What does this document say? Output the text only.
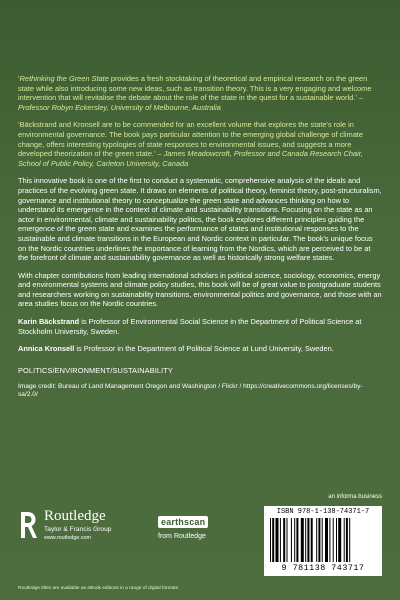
‘Rethinking the Green State provides a fresh stocktaking of theoretical and empirical research on the green state while also introducing some new ideas, such as transition theory. This is a very engaging and welcome intervention that will revitalise the debate about the role of the state in the quest for a sustainable world.’ – Professor Robyn Eckersley, University of Melbourne, Australia

‘Bäckstrand and Kronsell are to be commended for an excellent volume that explores the state's role in environmental governance. The book pays particular attention to the emerging global challenge of climate change, offers interesting typologies of state responses to environmental issues, and suggests a more developed theorization of the green state.’ – James Meadowcroft, Professor and Canada Research Chair, School of Public Policy, Carleton University, Canada

This innovative book is one of the first to conduct a systematic, comprehensive analysis of the ideals and practices of the evolving green state. It draws on elements of political theory, feminist theory, post-structuralism, governance and institutional theory to conceptualize the green state and advances thinking on how to understand its emergence in the context of climate and sustainability transitions. Focusing on the state as an actor in environmental, climate and sustainability politics, the book explores different principles guiding the emergence of the green state and examines the performance of states and institutional responses to the sustainable and climate transitions in the European and Nordic context in particular. The book's unique focus on the Nordic countries underlines the importance of learning from the Nordics, which are perceived to be at the forefront of climate and sustainability governance as well as historically strong welfare states.

With chapter contributions from leading international scholars in political science, sociology, economics, energy and environmental systems and climate policy studies, this book will be of great value to postgraduate students and researchers working on sustainability transitions, environmental politics and governance, and those with an area studies focus on the Nordic countries.

Karin Bäckstrand is Professor of Environmental Social Science in the Department of Political Science at Stockholm University, Sweden.

Annica Kronsell is Professor in the Department of Political Science at Lund University, Sweden.

POLITICS/ENVIRONMENT/SUSTAINABILITY

Image credit: Bureau of Land Management Oregon and Washington / Flickr / https://creativecommons.org/licenses/by-sa/2.0/

Routledge
Taylor & Francis Group
www.routledge.com
earthscan
from Routledge
an informa business
ISBN 978-1-138-74371-7
9 781138 743717
Routledge titles are available as eBook editions in a range of digital formats
